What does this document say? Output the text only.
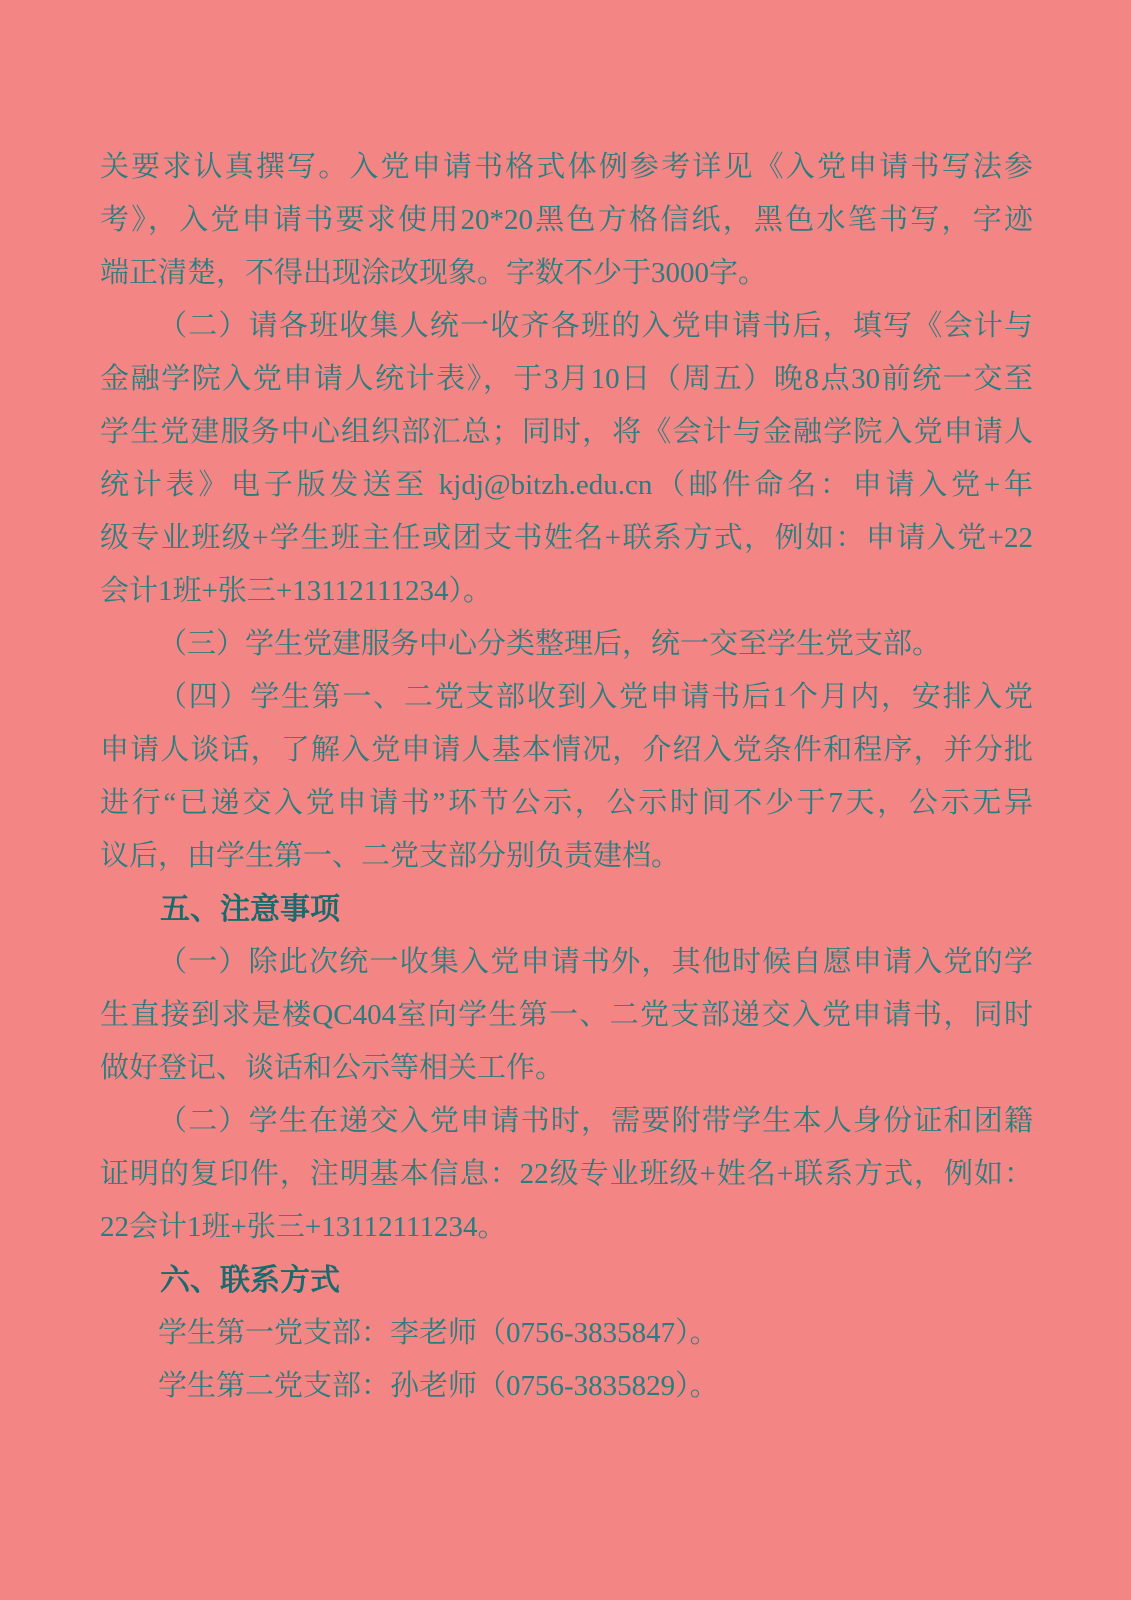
关要求认真撰写。入党申请书格式体例参考详见《入党申请书写法参

考》，入党申请书要求使用20*20黑色方格信纸，黑色水笔书写，字迹

端正清楚，不得出现涂改现象。字数不少于3000字。

（二）请各班收集人统一收齐各班的入党申请书后，填写《会计与

金融学院入党申请人统计表》，于3月10日（周五）晚8点30前统一交至

学生党建服务中心组织部汇总；同时，将《会计与金融学院入党申请人

统计表》电子版发送至 kjdj@bitzh.edu.cn（邮件命名：申请入党+年

级专业班级+学生班主任或团支书姓名+联系方式，例如：申请入党+22

会计1班+张三+13112111234）。

（三）学生党建服务中心分类整理后，统一交至学生党支部。

（四）学生第一、二党支部收到入党申请书后1个月内，安排入党

申请人谈话，了解入党申请人基本情况，介绍入党条件和程序，并分批

进行“已递交入党申请书”环节公示，公示时间不少于7天，公示无异

议后，由学生第一、二党支部分别负责建档。

五、注意事项

（一）除此次统一收集入党申请书外，其他时候自愿申请入党的学

生直接到求是楼QC404室向学生第一、二党支部递交入党申请书，同时

做好登记、谈话和公示等相关工作。

（二）学生在递交入党申请书时，需要附带学生本人身份证和团籍

证明的复印件，注明基本信息：22级专业班级+姓名+联系方式，例如：

22会计1班+张三+13112111234。

六、联系方式

学生第一党支部：李老师（0756-3835847）。

学生第二党支部：孙老师（0756-3835829）。
